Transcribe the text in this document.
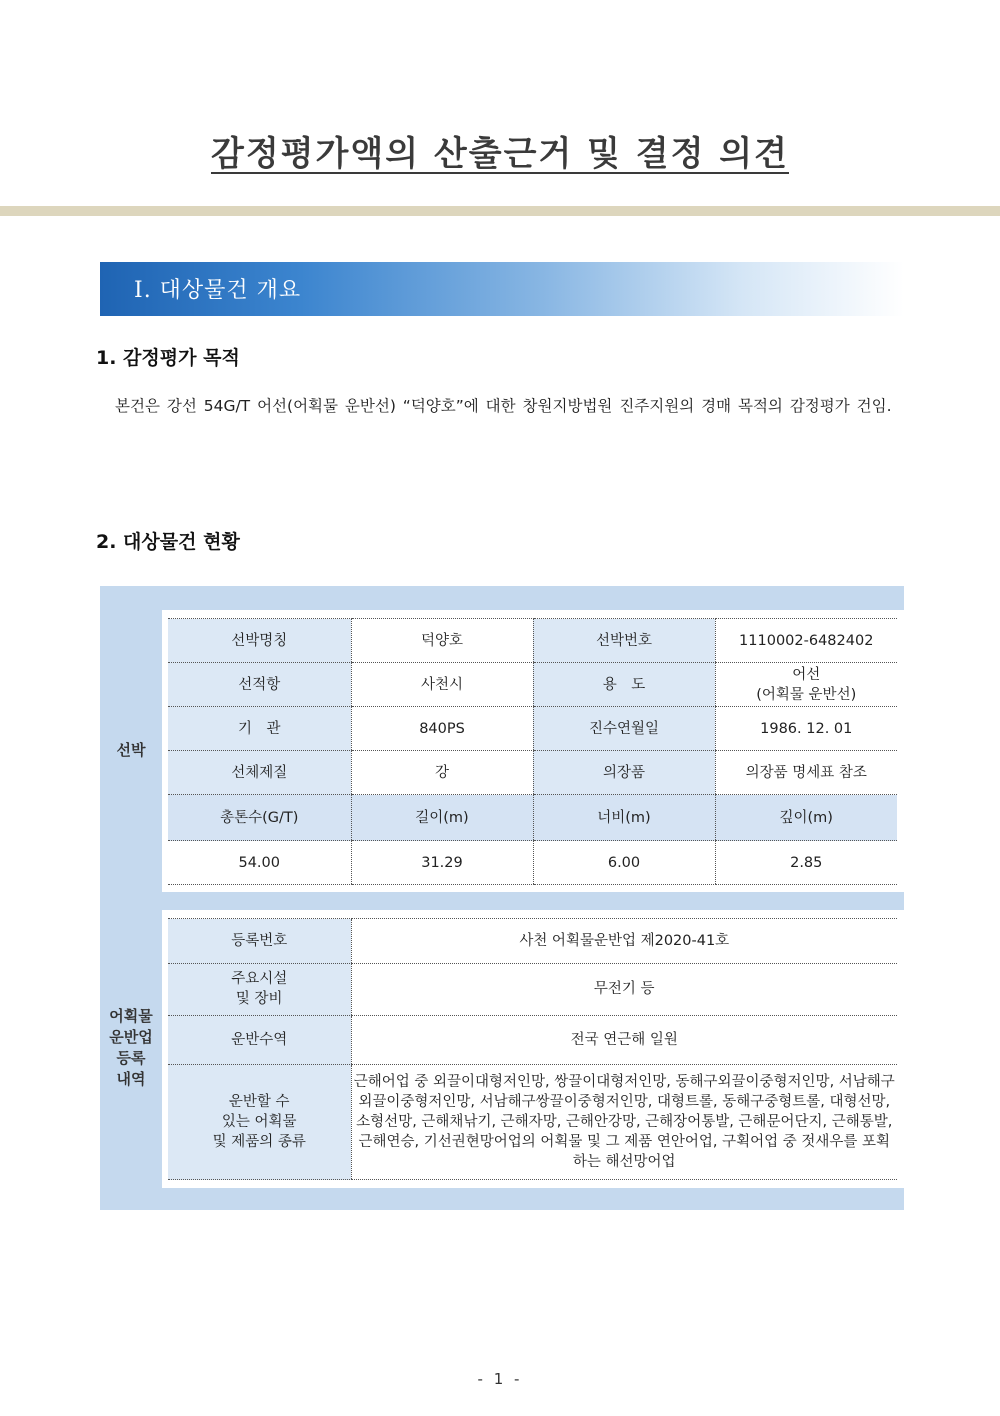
감정평가액의 산출근거 및 결정 의견
I. 대상물건 개요
1. 감정평가 목적
본건은 강선 54G/T 어선(어획물 운반선) “덕양호”에 대한 창원지방법원 진주지원의 경매 목적의 감정평가 건임.
2. 대상물건 현황
선박
어획물
운반업
등록
내역
선박명칭	덕양호	선박번호	1110002-6482402
선적항	사천시	용　도	어선
(어획물 운반선)
기　관	840PS	진수연월일	1986. 12. 01
선체제질	강	의장품	의장품 명세표 참조
총톤수(G/T)	길이(m)	너비(m)	깊이(m)
54.00	31.29	6.00	2.85
등록번호	사천 어획물운반업 제2020-41호
주요시설
및 장비	무전기 등
운반수역	전국 연근해 일원
운반할 수
있는 어획물
및 제품의 종류	근해어업 중 외끌이대형저인망, 쌍끌이대형저인망, 동해구외끌이중형저인망, 서남해구외끌이중형저인망, 서남해구쌍끌이중형저인망, 대형트롤, 동해구중형트롤, 대형선망, 소형선망, 근해채낚기, 근해자망, 근해안강망, 근해장어통발, 근해문어단지, 근해통발, 근해연승, 기선권현망어업의 어획물 및 그 제품 연안어업, 구획어업 중 젓새우를 포획하는 해선망어업
- 1 -
